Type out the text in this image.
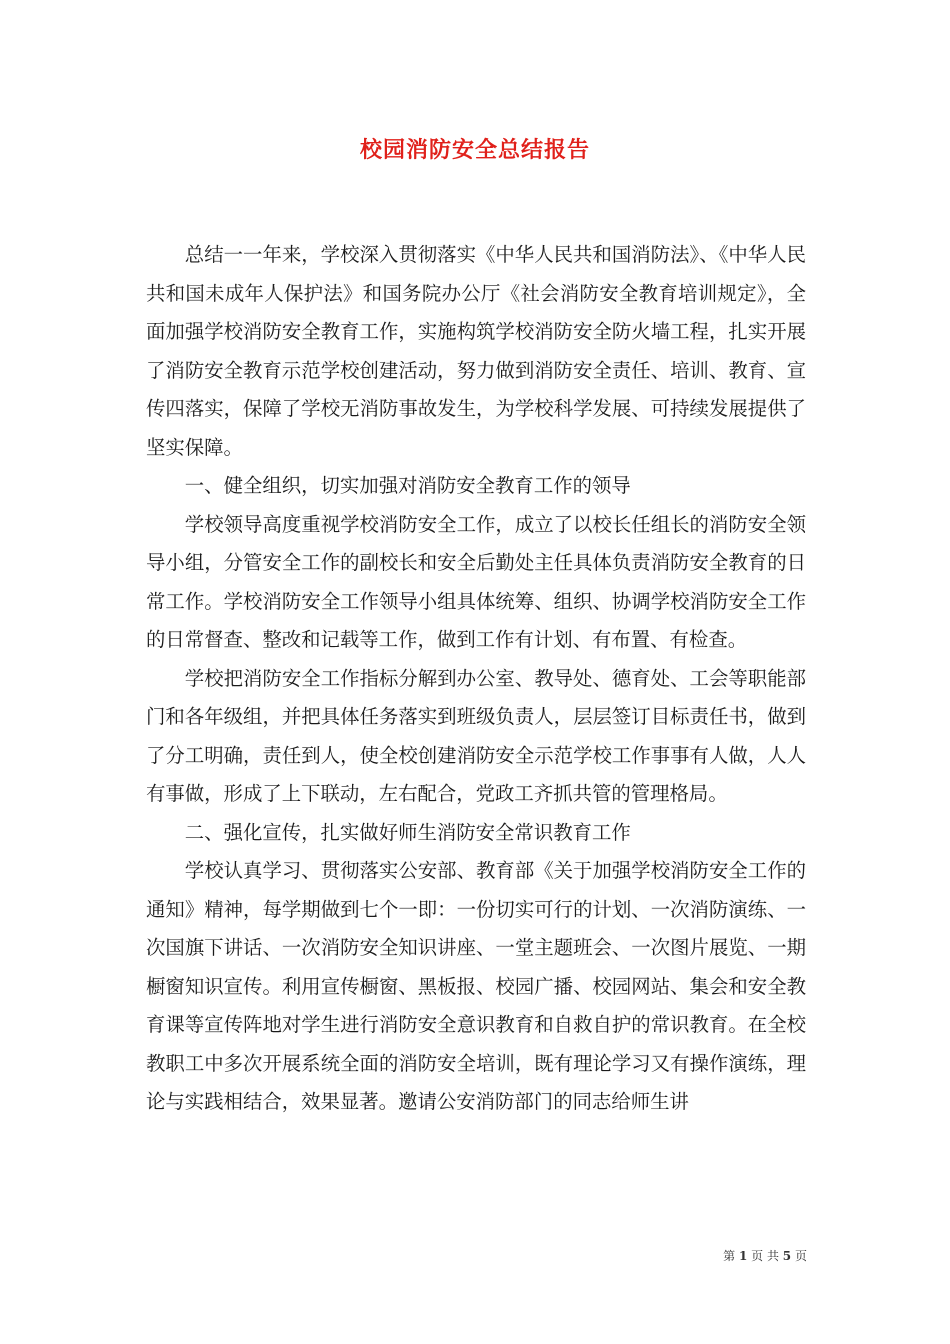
校园消防安全总结报告

总结一一年来，学校深入贯彻落实《中华人民共和国消防法》、《中华人民共和国未成年人保护法》和国务院办公厅《社会消防安全教育培训规定》，全面加强学校消防安全教育工作，实施构筑学校消防安全防火墙工程，扎实开展了消防安全教育示范学校创建活动，努力做到消防安全责任、培训、教育、宣传四落实，保障了学校无消防事故发生，为学校科学发展、可持续发展提供了坚实保障。

一、健全组织，切实加强对消防安全教育工作的领导

学校领导高度重视学校消防安全工作，成立了以校长任组长的消防安全领导小组，分管安全工作的副校长和安全后勤处主任具体负责消防安全教育的日常工作。学校消防安全工作领导小组具体统筹、组织、协调学校消防安全工作的日常督查、整改和记载等工作，做到工作有计划、有布置、有检查。

学校把消防安全工作指标分解到办公室、教导处、德育处、工会等职能部门和各年级组，并把具体任务落实到班级负责人，层层签订目标责任书，做到了分工明确，责任到人，使全校创建消防安全示范学校工作事事有人做，人人有事做，形成了上下联动，左右配合，党政工齐抓共管的管理格局。

二、强化宣传，扎实做好师生消防安全常识教育工作

学校认真学习、贯彻落实公安部、教育部《关于加强学校消防安全工作的通知》精神，每学期做到七个一即：一份切实可行的计划、一次消防演练、一次国旗下讲话、一次消防安全知识讲座、一堂主题班会、一次图片展览、一期橱窗知识宣传。利用宣传橱窗、黑板报、校园广播、校园网站、集会和安全教育课等宣传阵地对学生进行消防安全意识教育和自救自护的常识教育。在全校教职工中多次开展系统全面的消防安全培训，既有理论学习又有操作演练，理论与实践相结合，效果显著。邀请公安消防部门的同志给师生讲

第 1 页 共 5 页
